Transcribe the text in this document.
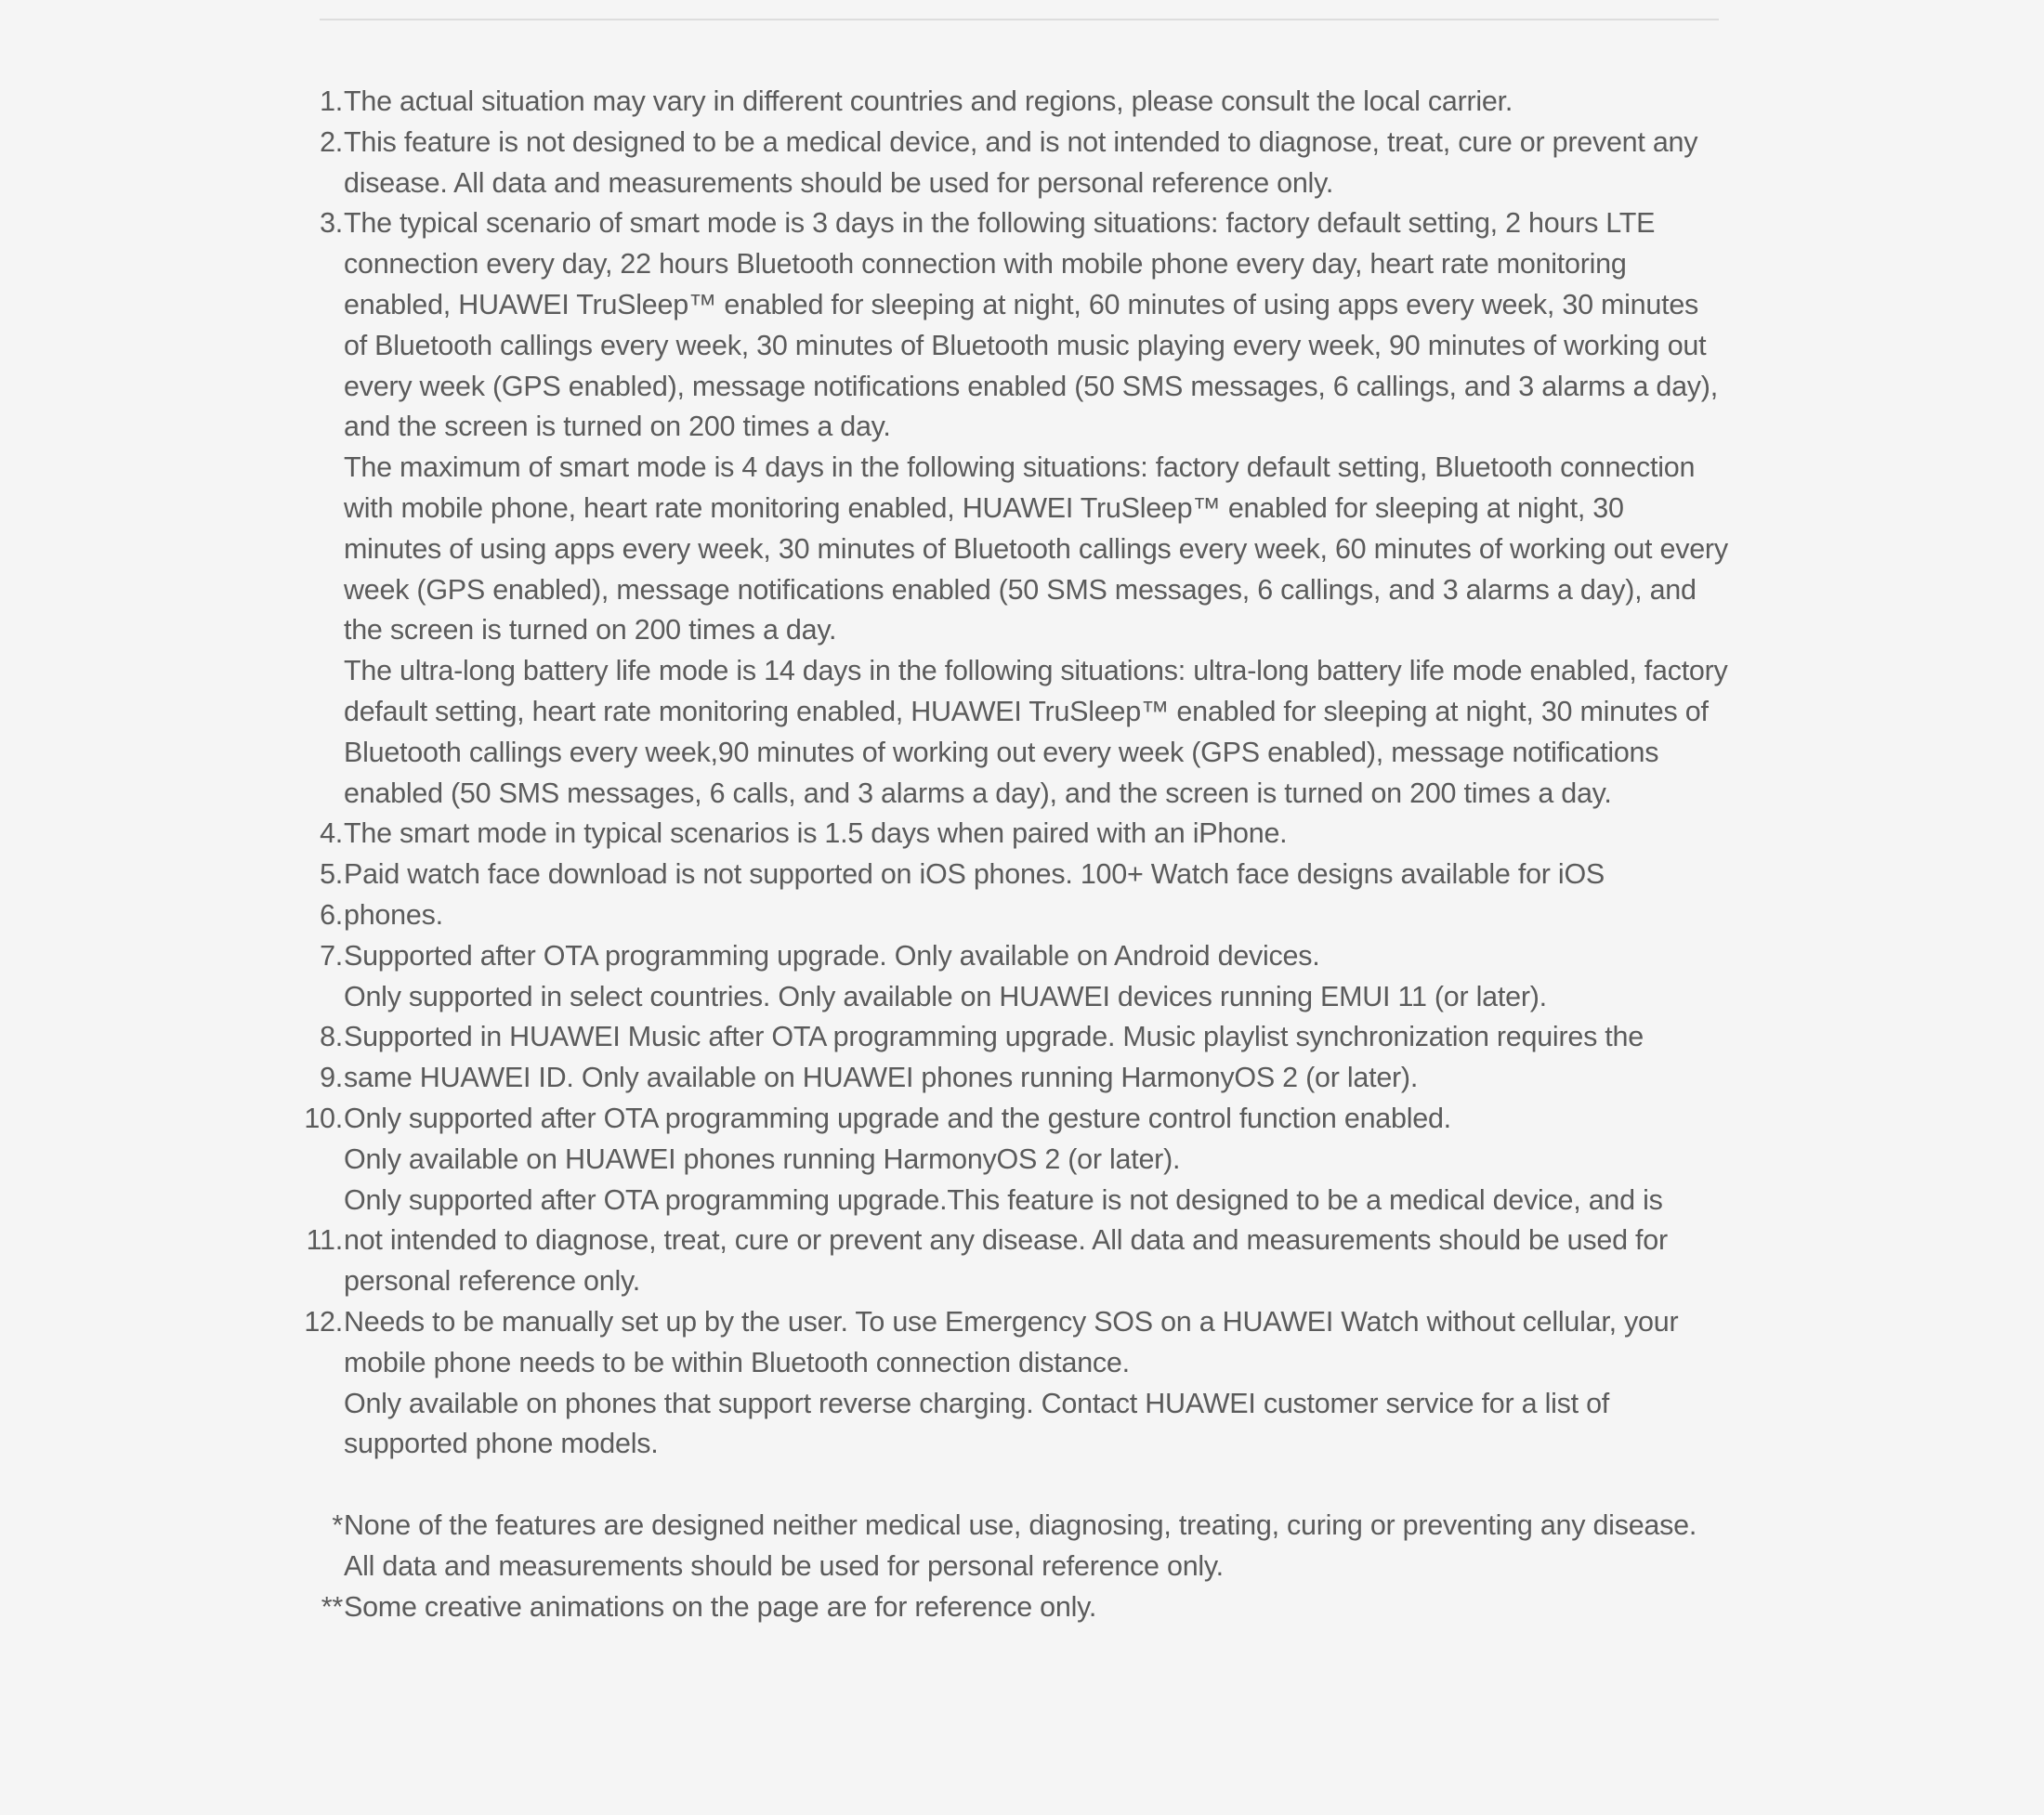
1. The actual situation may vary in different countries and regions, please consult the local carrier.
2. This feature is not designed to be a medical device, and is not intended to diagnose, treat, cure or prevent any disease. All data and measurements should be used for personal reference only.
3. The typical scenario of smart mode is 3 days in the following situations: factory default setting, 2 hours LTE connection every day, 22 hours Bluetooth connection with mobile phone every day, heart rate monitoring enabled, HUAWEI TruSleep™ enabled for sleeping at night, 60 minutes of using apps every week, 30 minutes of Bluetooth callings every week, 30 minutes of Bluetooth music playing every week, 90 minutes of working out every week (GPS enabled), message notifications enabled (50 SMS messages, 6 callings, and 3 alarms a day), and the screen is turned on 200 times a day.
The maximum of smart mode is 4 days in the following situations: factory default setting, Bluetooth connection with mobile phone, heart rate monitoring enabled, HUAWEI TruSleep™ enabled for sleeping at night, 30 minutes of using apps every week, 30 minutes of Bluetooth callings every week, 60 minutes of working out every week (GPS enabled), message notifications enabled (50 SMS messages, 6 callings, and 3 alarms a day), and the screen is turned on 200 times a day.
The ultra-long battery life mode is 14 days in the following situations: ultra-long battery life mode enabled, factory default setting, heart rate monitoring enabled, HUAWEI TruSleep™ enabled for sleeping at night, 30 minutes of Bluetooth callings every week,90 minutes of working out every week (GPS enabled), message notifications enabled (50 SMS messages, 6 calls, and 3 alarms a day), and the screen is turned on 200 times a day.
4. The smart mode in typical scenarios is 1.5 days when paired with an iPhone.
5. Paid watch face download is not supported on iOS phones. 100+ Watch face designs available for iOS
6. phones.
7. Supported after OTA programming upgrade. Only available on Android devices.
Only supported in select countries. Only available on HUAWEI devices running EMUI 11 (or later).
8. Supported in HUAWEI Music after OTA programming upgrade. Music playlist synchronization requires the
9. same HUAWEI ID. Only available on HUAWEI phones running HarmonyOS 2 (or later).
10. Only supported after OTA programming upgrade and the gesture control function enabled.
Only available on HUAWEI phones running HarmonyOS 2 (or later).
Only supported after OTA programming upgrade.This feature is not designed to be a medical device, and is
11. not intended to diagnose, treat, cure or prevent any disease. All data and measurements should be used for
personal reference only.
12. Needs to be manually set up by the user. To use Emergency SOS on a HUAWEI Watch without cellular, your mobile phone needs to be within Bluetooth connection distance.
Only available on phones that support reverse charging. Contact HUAWEI customer service for a list of supported phone models.
* None of the features are designed neither medical use, diagnosing, treating, curing or preventing any disease. All data and measurements should be used for personal reference only.
** Some creative animations on the page are for reference only.
